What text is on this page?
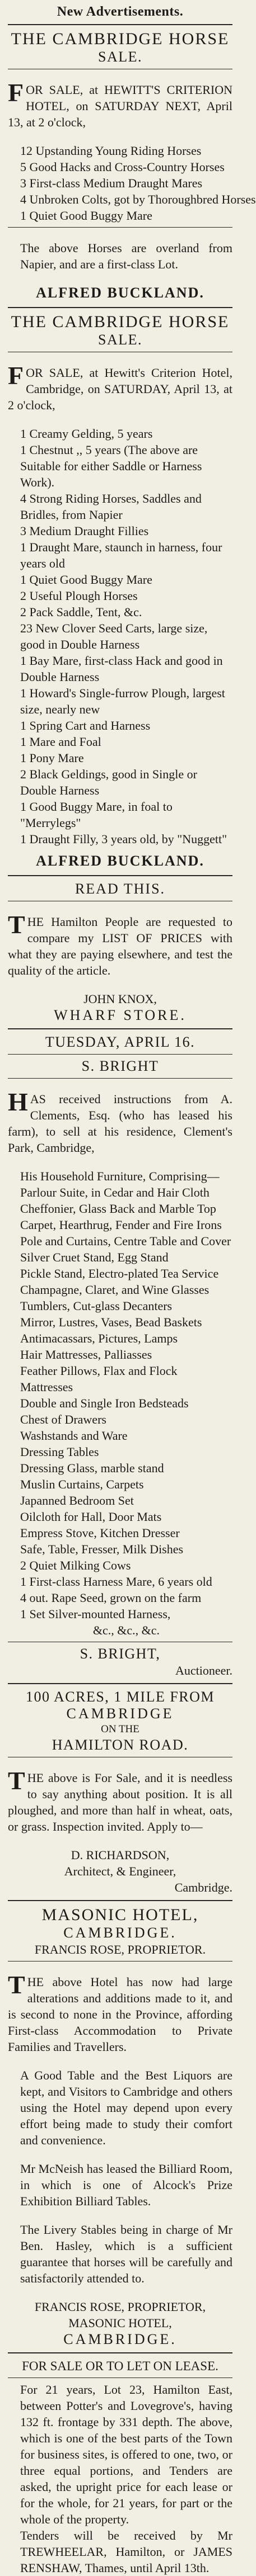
New Advertisements.
THE CAMBRIDGE HORSE
SALE.

FOR SALE, at HEWITT'S CRITERION HOTEL, on SATURDAY NEXT, April 13, at 2 o'clock,

12 Upstanding Young Riding Horses
5 Good Hacks and Cross-Country Horses
3 First-class Medium Draught Mares
4 Unbroken Colts, got by Thoroughbred Horses
1 Quiet Good Buggy Mare

The above Horses are overland from Napier, and are a first-class Lot.

ALFRED BUCKLAND.
THE CAMBRIDGE HORSE
SALE.

FOR SALE, at Hewitt's Criterion Hotel, Cambridge, on SATURDAY, April 13, at 2 o'clock,

1 Creamy Gelding, 5 years
1 Chestnut ,, 5 years (The above are Suitable for either Saddle or Harness Work).
4 Strong Riding Horses, Saddles and Bridles, from Napier
3 Medium Draught Fillies
1 Draught Mare, staunch in harness, four years old
1 Quiet Good Buggy Mare
2 Useful Plough Horses
2 Pack Saddle, Tent, &c.
23 New Clover Seed Carts, large size, good in Double Harness
1 Bay Mare, first-class Hack and good in Double Harness
1 Howard's Single-furrow Plough, largest size, nearly new
1 Spring Cart and Harness
1 Mare and Foal
1 Pony Mare
2 Black Geldings, good in Single or Double Harness
1 Good Buggy Mare, in foal to "Merrylegs"
1 Draught Filly, 3 years old, by "Nuggett"
ALFRED BUCKLAND.
READ THIS.

THE Hamilton People are requested to compare my LIST OF PRICES with what they are paying elsewhere, and test the quality of the article.

JOHN KNOX,
WHARF STORE.
TUESDAY, APRIL 16.
S. BRIGHT

HAS received instructions from A. Clements, Esq. (who has leased his farm), to sell at his residence, Clement's Park, Cambridge,

His Household Furniture, Comprising—
Parlour Suite, in Cedar and Hair Cloth
Cheffonier, Glass Back and Marble Top
Carpet, Hearthrug, Fender and Fire Irons
Pole and Curtains, Centre Table and Cover
Silver Cruet Stand, Egg Stand
Pickle Stand, Electro-plated Tea Service
Champagne, Claret, and Wine Glasses
Tumblers, Cut-glass Decanters
Mirror, Lustres, Vases, Bead Baskets
Antimacassars, Pictures, Lamps
Hair Mattresses, Palliasses
Feather Pillows, Flax and Flock Mattresses
Double and Single Iron Bedsteads
Chest of Drawers
Washstands and Ware
Dressing Tables
Dressing Glass, marble stand
Muslin Curtains, Carpets
Japanned Bedroom Set
Oilcloth for Hall, Door Mats
Empress Stove, Kitchen Dresser
Safe, Table, Fresser, Milk Dishes
2 Quiet Milking Cows
1 First-class Harness Mare, 6 years old
4 out. Rape Seed, grown on the farm
1 Set Silver-mounted Harness,
&c., &c., &c.
S. BRIGHT,
Auctioneer.
100 ACRES, 1 MILE FROM
CAMBRIDGE
ON THE
HAMILTON ROAD.

THE above is For Sale, and it is needless to say anything about position. It is all ploughed, and more than half in wheat, oats, or grass. Inspection invited. Apply to—

D. RICHARDSON,
Architect, & Engineer,
Cambridge.
MASONIC HOTEL,
CAMBRIDGE.
FRANCIS ROSE, PROPRIETOR.

THE above Hotel has now had large alterations and additions made to it, and is second to none in the Province, affording First-class Accommodation to Private Families and Travellers.

A Good Table and the Best Liquors are kept, and Visitors to Cambridge and others using the Hotel may depend upon every effort being made to study their comfort and convenience.

Mr McNeish has leased the Billiard Room, in which is one of Alcock's Prize Exhibition Billiard Tables.

The Livery Stables being in charge of Mr Ben. Hasley, which is a sufficient guarantee that horses will be carefully and satisfactorily attended to.

FRANCIS ROSE, PROPRIETOR,
MASONIC HOTEL,
CAMBRIDGE.
FOR SALE OR TO LET ON LEASE.

For 21 years, Lot 23, Hamilton East, between Potter's and Lovegrove's, having 132 ft. frontage by 331 depth. The above, which is one of the best parts of the Town for business sites, is offered to one, two, or three equal portions, and Tenders are asked, the upright price for each lease or for the whole, for 21 years, for part or the whole of the property.

Tenders will be received by Mr TREWHEELAR, Hamilton, or JAMES RENSHAW, Thames, until April 13th.
